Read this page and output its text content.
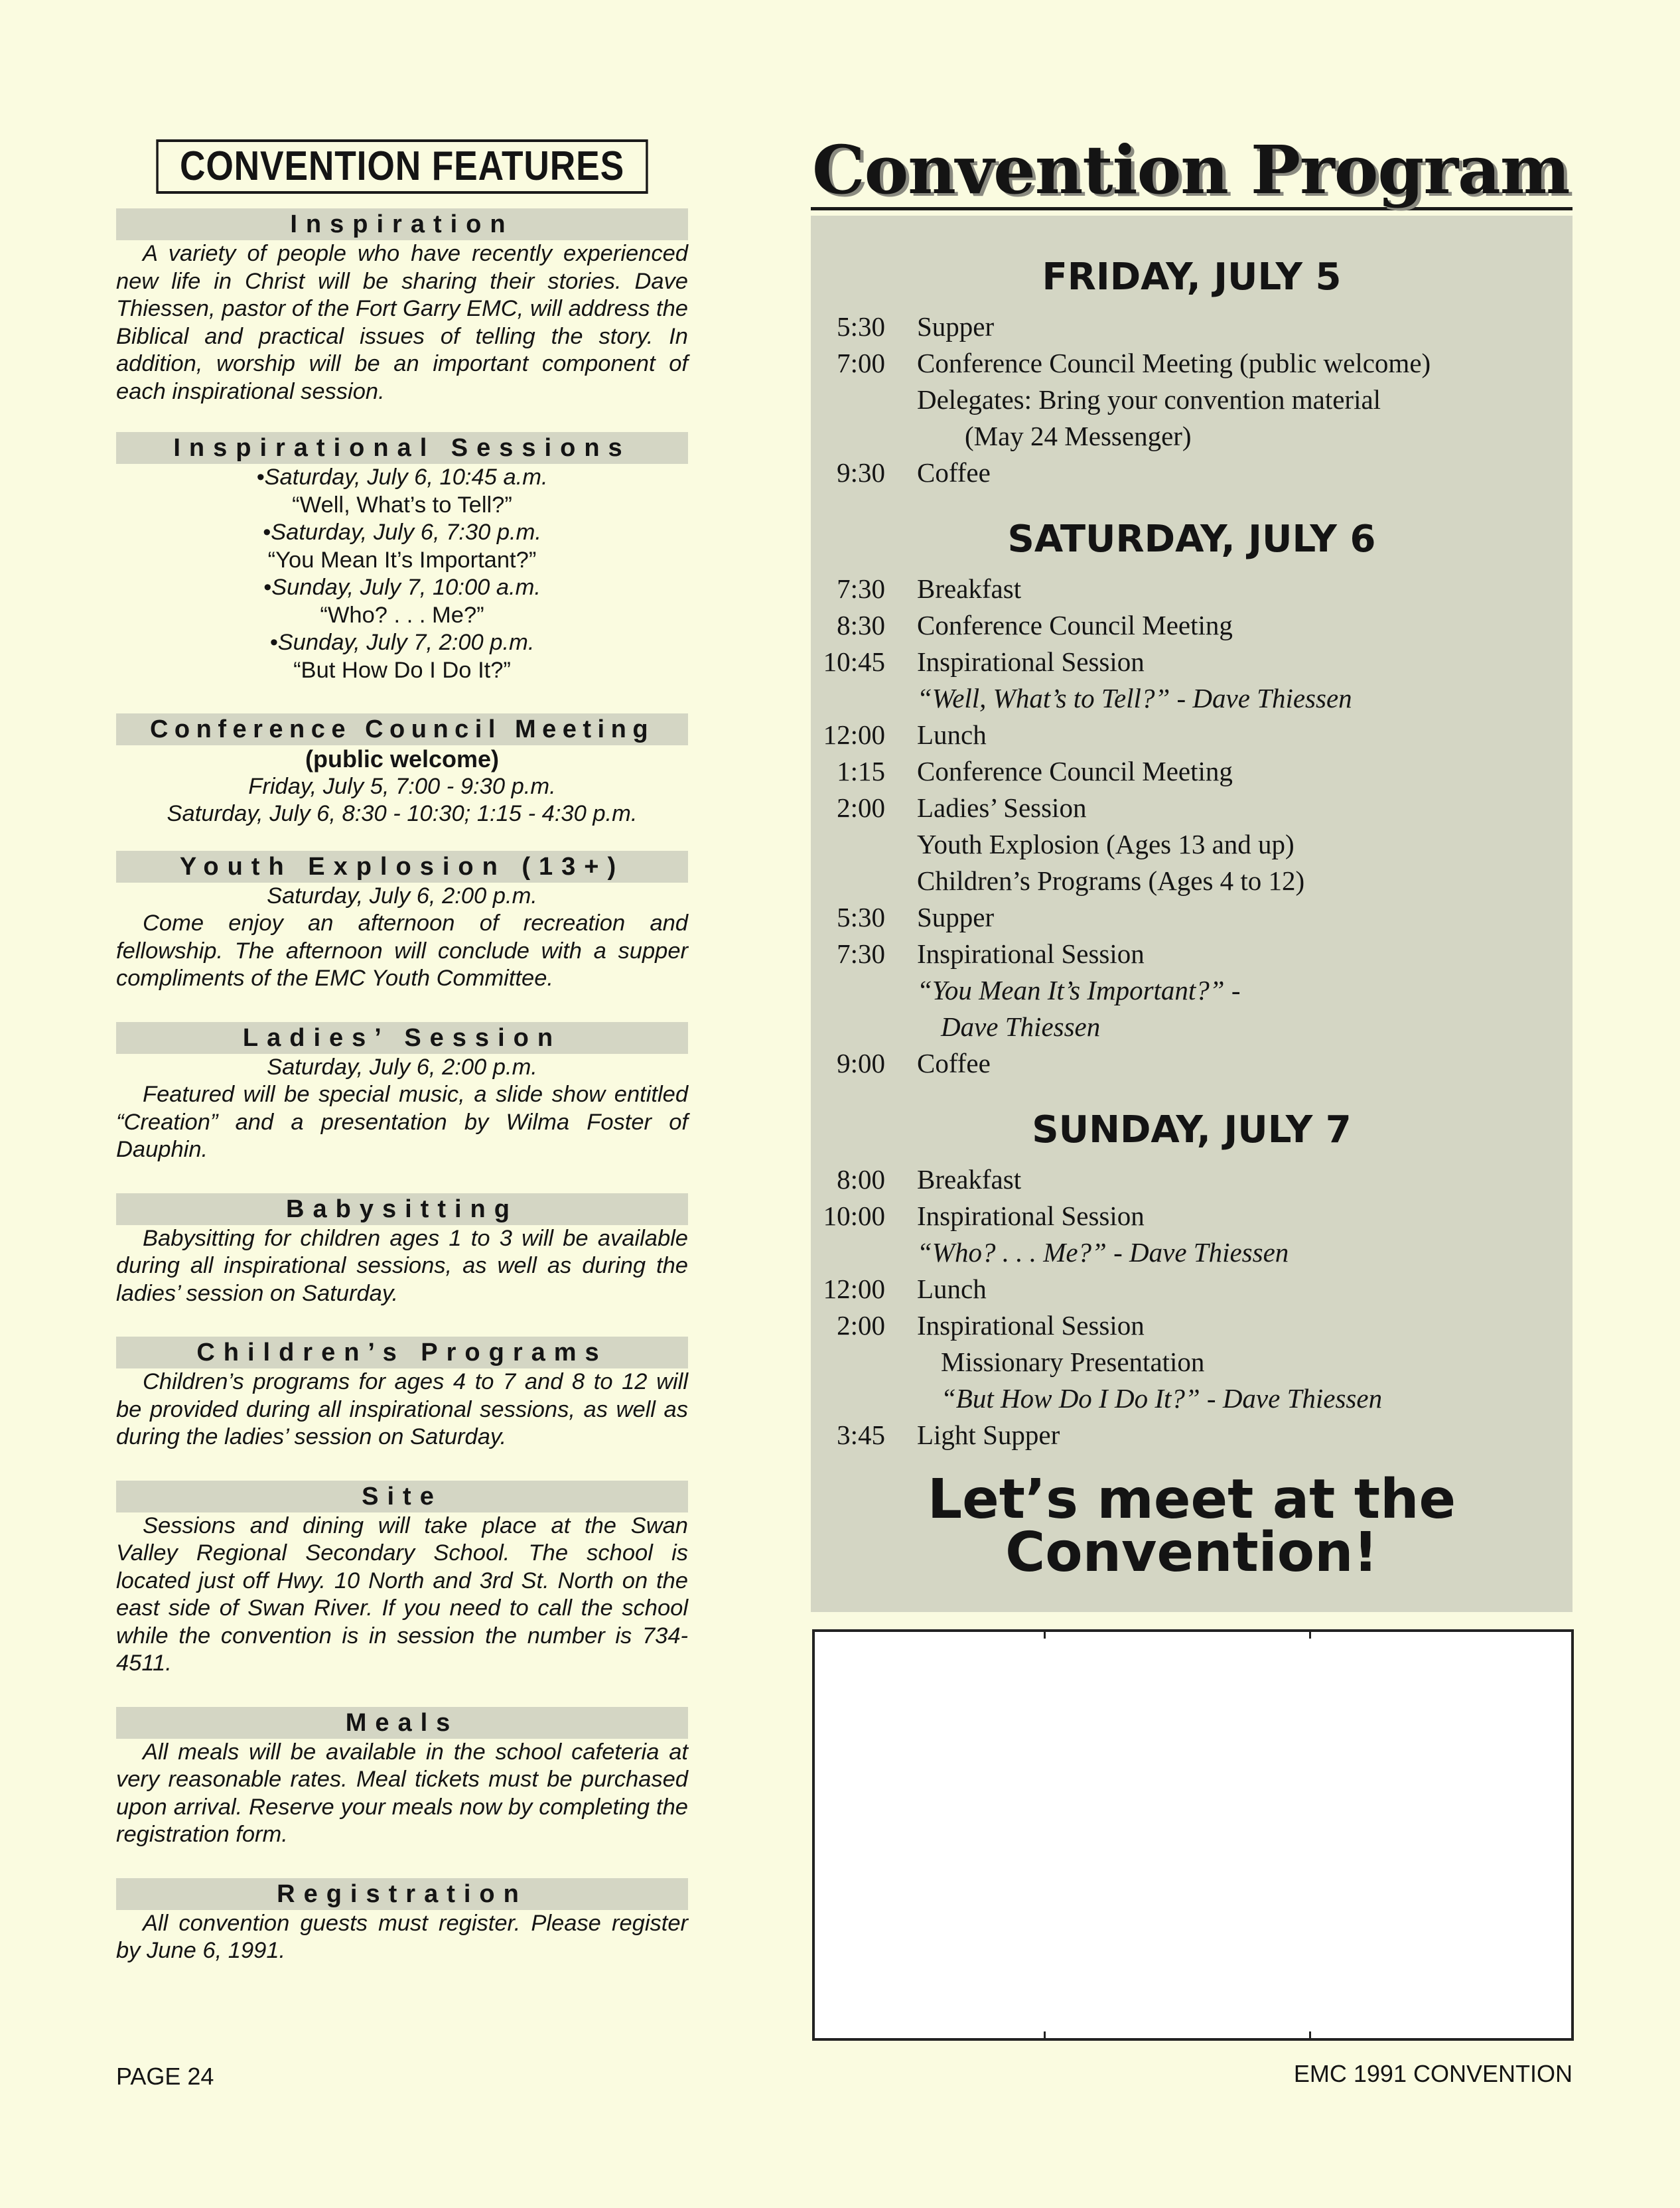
CONVENTION FEATURES
Inspiration
A variety of people who have recently experienced new life in Christ will be sharing their stories. Dave Thiessen, pastor of the Fort Garry EMC, will address the Biblical and practical issues of telling the story. In addition, worship will be an important component of each inspirational session.
Inspirational Sessions
•Saturday, July 6, 10:45 a.m.
“Well, What’s to Tell?”
•Saturday, July 6, 7:30 p.m.
“You Mean It’s Important?”
•Sunday, July 7, 10:00 a.m.
“Who? . . . Me?”
•Sunday, July 7, 2:00 p.m.
“But How Do I Do It?”
Conference Council Meeting
(public welcome)
Friday, July 5, 7:00 - 9:30 p.m.
Saturday, July 6, 8:30 - 10:30; 1:15 - 4:30 p.m.
Youth Explosion (13+)
Saturday, July 6, 2:00 p.m.
Come enjoy an afternoon of recreation and fellowship. The afternoon will conclude with a supper compliments of the EMC Youth Committee.
Ladies’ Session
Saturday, July 6, 2:00 p.m.
Featured will be special music, a slide show entitled “Creation” and a presentation by Wilma Foster of Dauphin.
Babysitting
Babysitting for children ages 1 to 3 will be available during all inspirational sessions, as well as during the ladies’ session on Saturday.
Children’s Programs
Children’s programs for ages 4 to 7 and 8 to 12 will be provided during all inspirational sessions, as well as during the ladies’ session on Saturday.
Site
Sessions and dining will take place at the Swan Valley Regional Secondary School. The school is located just off Hwy. 10 North and 3rd St. North on the east side of Swan River. If you need to call the school while the convention is in session the number is 734-4511.
Meals
All meals will be available in the school cafeteria at very reasonable rates. Meal tickets must be purchased upon arrival. Reserve your meals now by completing the registration form.
Registration
All convention guests must register. Please register by June 6, 1991.
Convention Program
FRIDAY, JULY 5
5:30	Supper
7:00	Conference Council Meeting (public welcome)
Delegates: Bring your convention material
(May 24 Messenger)
9:30	Coffee
SATURDAY, JULY 6
7:30	Breakfast
8:30	Conference Council Meeting
10:45	Inspirational Session
“Well, What’s to Tell?” - Dave Thiessen
12:00	Lunch
1:15	Conference Council Meeting
2:00	Ladies’ Session
Youth Explosion (Ages 13 and up)
Children’s Programs (Ages 4 to 12)
5:30	Supper
7:30	Inspirational Session
“You Mean It’s Important?” -
Dave Thiessen
9:00	Coffee
SUNDAY, JULY 7
8:00	Breakfast
10:00	Inspirational Session
“Who? . . . Me?” - Dave Thiessen
12:00	Lunch
2:00	Inspirational Session
Missionary Presentation
“But How Do I Do It?” - Dave Thiessen
3:45	Light Supper
Let’s meet at the
Convention!
PAGE 24	EMC 1991 CONVENTION
